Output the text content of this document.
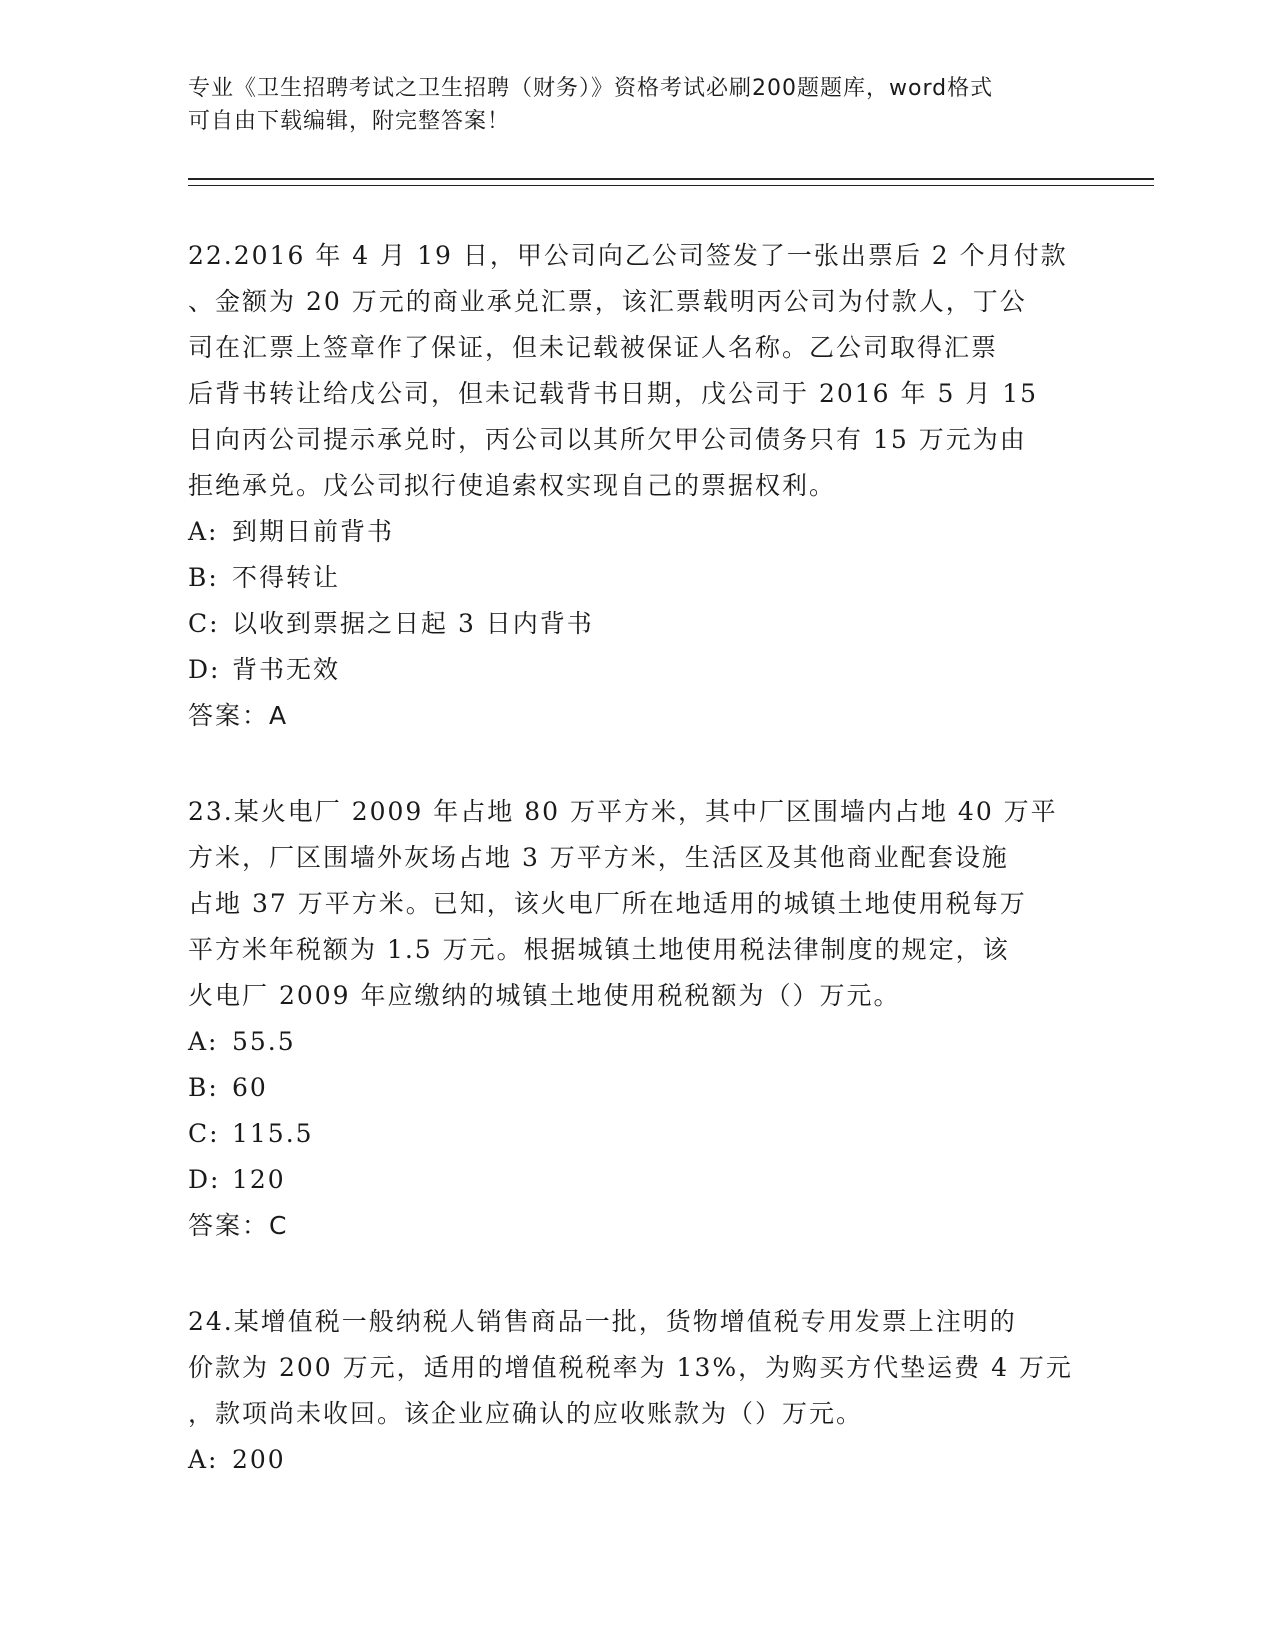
专业《卫生招聘考试之卫生招聘（财务）》资格考试必刷200题题库，word格式
可自由下载编辑，附完整答案！

22.2016 年 4 月 19 日，甲公司向乙公司签发了一张出票后 2 个月付款

、金额为 20 万元的商业承兑汇票，该汇票载明丙公司为付款人，丁公

司在汇票上签章作了保证，但未记载被保证人名称。乙公司取得汇票

后背书转让给戊公司，但未记载背书日期，戊公司于 2016 年 5 月 15

日向丙公司提示承兑时，丙公司以其所欠甲公司债务只有 15 万元为由

拒绝承兑。戊公司拟行使追索权实现自己的票据权利。

A: 到期日前背书

B: 不得转让

C: 以收到票据之日起 3 日内背书

D: 背书无效

答案：A

23.某火电厂 2009 年占地 80 万平方米，其中厂区围墙内占地 40 万平

方米，厂区围墙外灰场占地 3 万平方米，生活区及其他商业配套设施

占地 37 万平方米。已知，该火电厂所在地适用的城镇土地使用税每万

平方米年税额为 1.5 万元。根据城镇土地使用税法律制度的规定，该

火电厂 2009 年应缴纳的城镇土地使用税税额为（）万元。

A: 55.5

B: 60

C: 115.5

D: 120

答案：C

24.某增值税一般纳税人销售商品一批，货物增值税专用发票上注明的

价款为 200 万元，适用的增值税税率为 13%，为购买方代垫运费 4 万元

，款项尚未收回。该企业应确认的应收账款为（）万元。

A: 200
